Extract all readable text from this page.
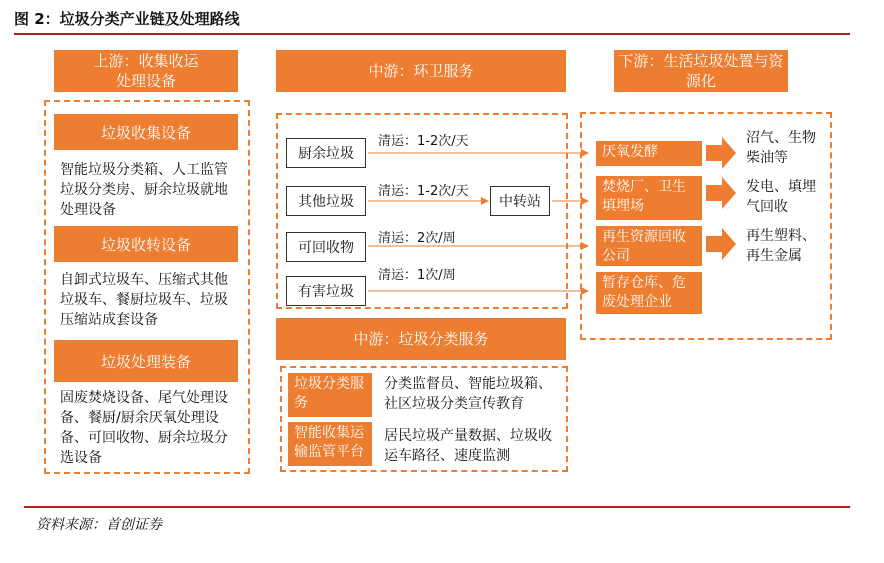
图 2：垃圾分类产业链及处理路线
上游：收集收运
处理设备
垃圾收集设备
智能垃圾分类箱、人工监管垃圾分类房、厨余垃圾就地处理设备
垃圾收转设备
自卸式垃圾车、压缩式其他垃圾车、餐厨垃圾车、垃圾压缩站成套设备
垃圾处理装备
固废焚烧设备、尾气处理设备、餐厨/厨余厌氧处理设备、可回收物、厨余垃圾分选设备
中游：环卫服务
厨余垃圾
清运：1-2次/天
其他垃圾
清运：1-2次/天
中转站
可回收物
清运：2次/周
有害垃圾
清运：1次/周
中游：垃圾分类服务
垃圾分类服务
分类监督员、智能垃圾箱、社区垃圾分类宣传教育
智能收集运输监管平台
居民垃圾产量数据、垃圾收运车路径、速度监测
下游：生活垃圾处置与资源化
厌氧发酵
沼气、生物柴油等
焚烧厂、卫生填埋场
发电、填埋气回收
再生资源回收公司
再生塑料、再生金属
暂存仓库、危废处理企业
资料来源：首创证券
